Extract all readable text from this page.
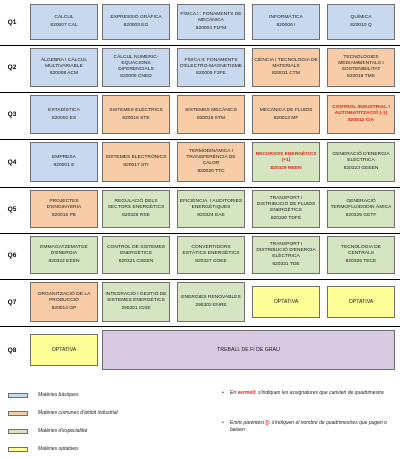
Q1
CÀLCUL
820007 CAL
EXPRESSIÓ GRÀFICA
820003 EG
FÍSICA I : FONAMENTS DE MECÀNICA
820004 F1FM
INFORMÀTICA
820006 I
QUÍMICA
820010 Q
Q2
ÀLGEBRA I CÀLCUL MULTIVARIABLE
820008 ACM
CÀLCUL NUMÈRIC-EQUACIONS DIFERENCIALS
820009 CNED
FÍSICA II: FONAMENTS D'ELECTRO-MAGNETISME
820005 F2FE
CIÈNCIA I TECNOLOGIA DE MATERIALS
820011 CTM
TECNOLOGIES MEDIAMBIENTALS I SOSTENIBILITAT
820019 TMS
Q3
ESTADÍSTICA
820002 ES
SISTEMES ELÈCTRICS
820016 STE
SISTEMES MECÀNICS
820018 STM
MECÀNICA DE FLUIDS
820013 MF
CONTROL INDUSTRIAL I AUTOMATITZACIÓ (-1)
820012 CIA
Q4
EMPRESA
820001 E
SISTEMES ELECTRÒNICS
820017 STI
TERMODINÀMICA I TRANSFERÈNCIA DE CALOR
820020 TTC
RECURSOS ENERGÈTICS (+1)
820329 REEN
GENERACIÓ D'ENERGIA ELÈCTRICA
820323 GEEEN
Q5
PROJECTES D'ENGINYERIA
820015 PE
REGULACIÓ DELS SECTORS ENERGÈTICS
820328 RSE
EFICIÈNCIA, I AUDITORIES ENERGÈTIQUES
820324 EAE
TRANSPORT I DISTRIBUCIÓ DE FLUIDS ENERGÈTICS
820330 TDFE
GENERACIÓ TERMOFLUIDODIN ÀMICA
820325 GETF
Q6
EMMAGATZEMATGE D'ENERGIA
820322 EEEN
CONTROL DE SISTEMES ENERGÈTICS
820321 CSEEN
CONVERTIDORS ESTÀTICS ENERGÈTICS
820327 COEE
TRANSPORT I DISTRIBUCIÓ D'ENERGIA ELÈCTRICA
820331 TDE
TECNOLOGIA DE CENTRALS
820326 TECE
Q7
ORGANITZACIÓ DE LA PRODUCCIÓ
820014 OP
INTEGRACIÓ I GESTIÓ DE SISTEMES ENERGÈTICS
295301 IGSE
ENERGIES RENOVABLES
295302 ENRE
OPTATIVA	OPTATIVA
Q8	OPTATIVA	TREBALL DE FI DE GRAU
Matèries bàsiques
Matèries comunes d'àmbit industrial
Matèries d'especialitat
Matèries optatives
• En vermell: s'indiquen les assignatures que canvien de quadrimestre
• Entre parèntesi (): s'indiquen el nombre de quadrimestres que pugen o baixen
